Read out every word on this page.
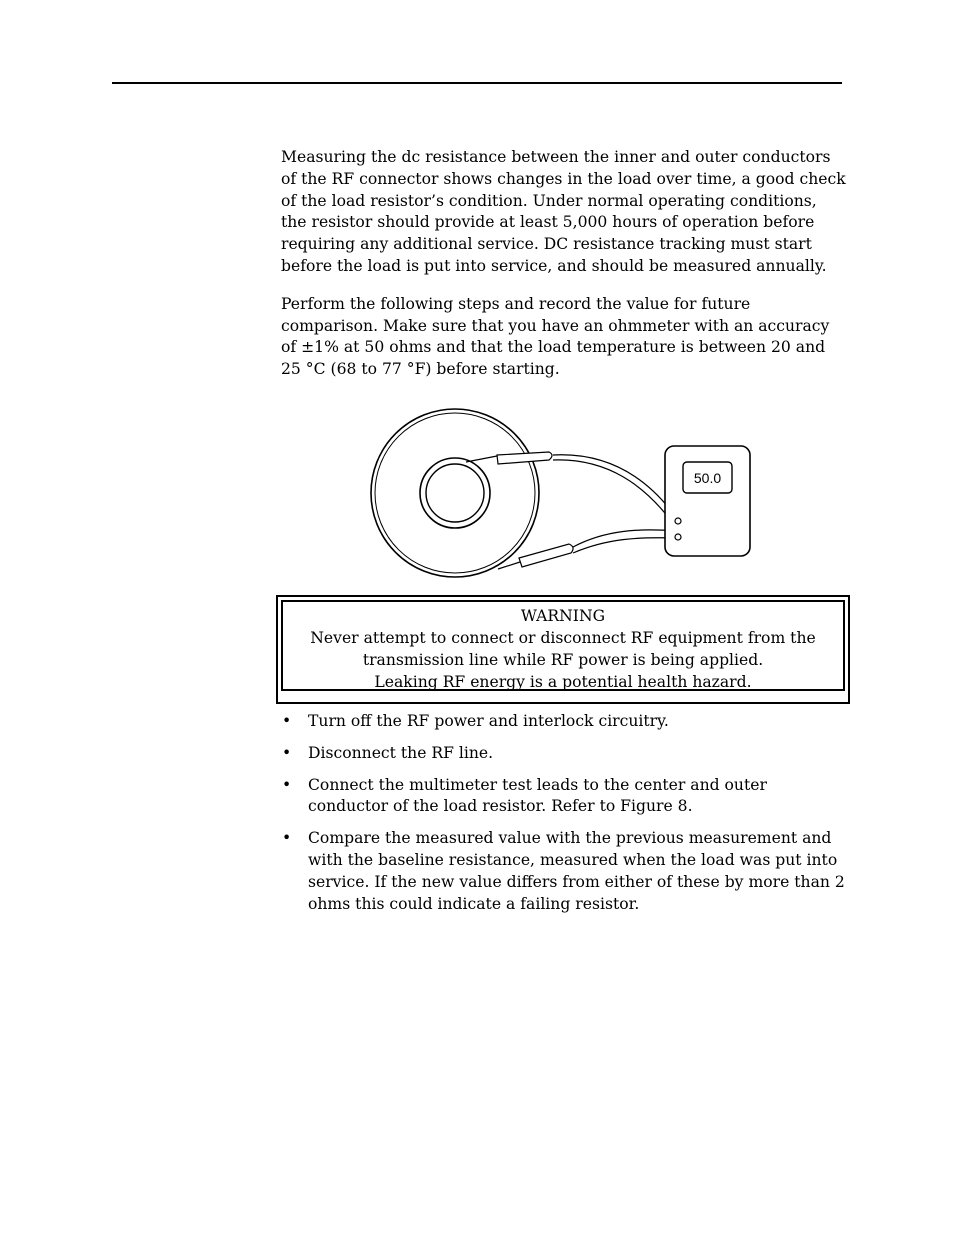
Measuring the dc resistance between the inner and outer conductors of the RF connector shows changes in the load over time, a good check of the load resistor’s condition. Under normal operating conditions, the resistor should provide at least 5,000 hours of operation before requiring any additional service. DC resistance tracking must start before the load is put into service, and should be measured annually.

Perform the following steps and record the value for future comparison. Make sure that you have an ohmmeter with an accuracy of ±1% at 50 ohms and that the load temperature is between 20 and 25 °C (68 to 77 °F) before starting.

50.0
WARNING
Never attempt to connect or disconnect RF equipment from the
transmission line while RF power is being applied.
Leaking RF energy is a potential health hazard.
• Turn off the RF power and interlock circuitry.
• Disconnect the RF line.
• Connect the multimeter test leads to the center and outer conductor of the load resistor. Refer to Figure 8.
• Compare the measured value with the previous measurement and with the baseline resistance, measured when the load was put into service. If the new value differs from either of these by more than 2 ohms this could indicate a failing resistor.
